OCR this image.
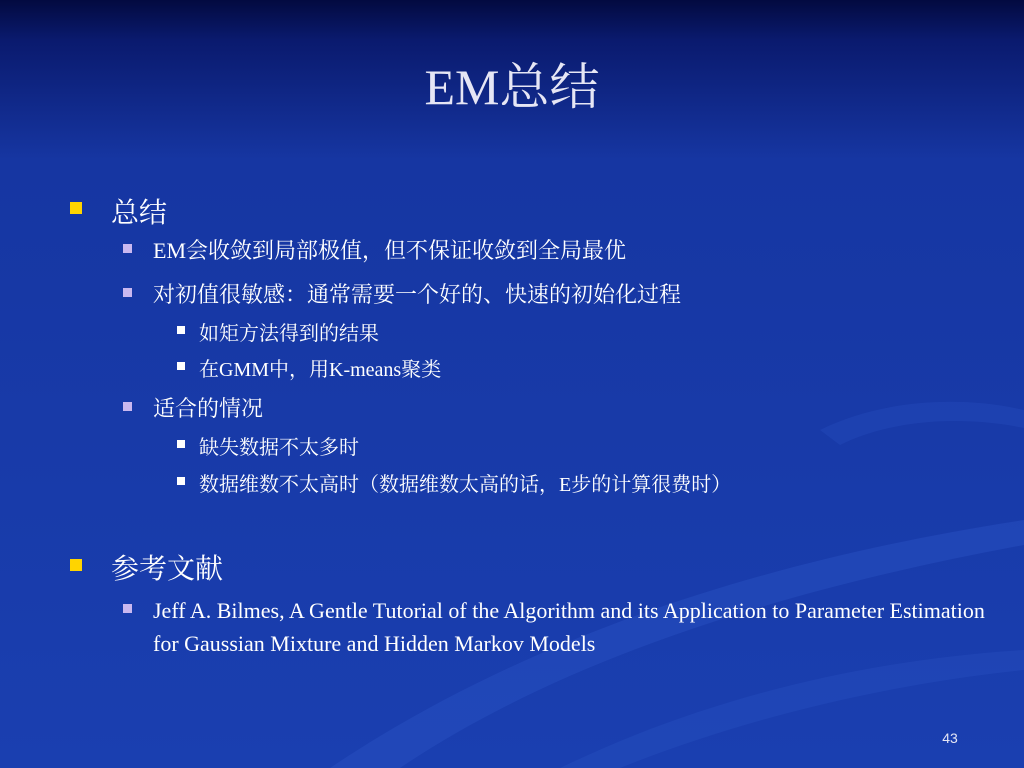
EM总结
总结
EM会收敛到局部极值，但不保证收敛到全局最优
对初值很敏感：通常需要一个好的、快速的初始化过程
如矩方法得到的结果
在GMM中，用K-means聚类
适合的情况
缺失数据不太多时
数据维数不太高时（数据维数太高的话，E步的计算很费时）
参考文献
Jeff A. Bilmes, A Gentle Tutorial of the Algorithm and its Application to Parameter Estimation for Gaussian Mixture and Hidden Markov Models
43
